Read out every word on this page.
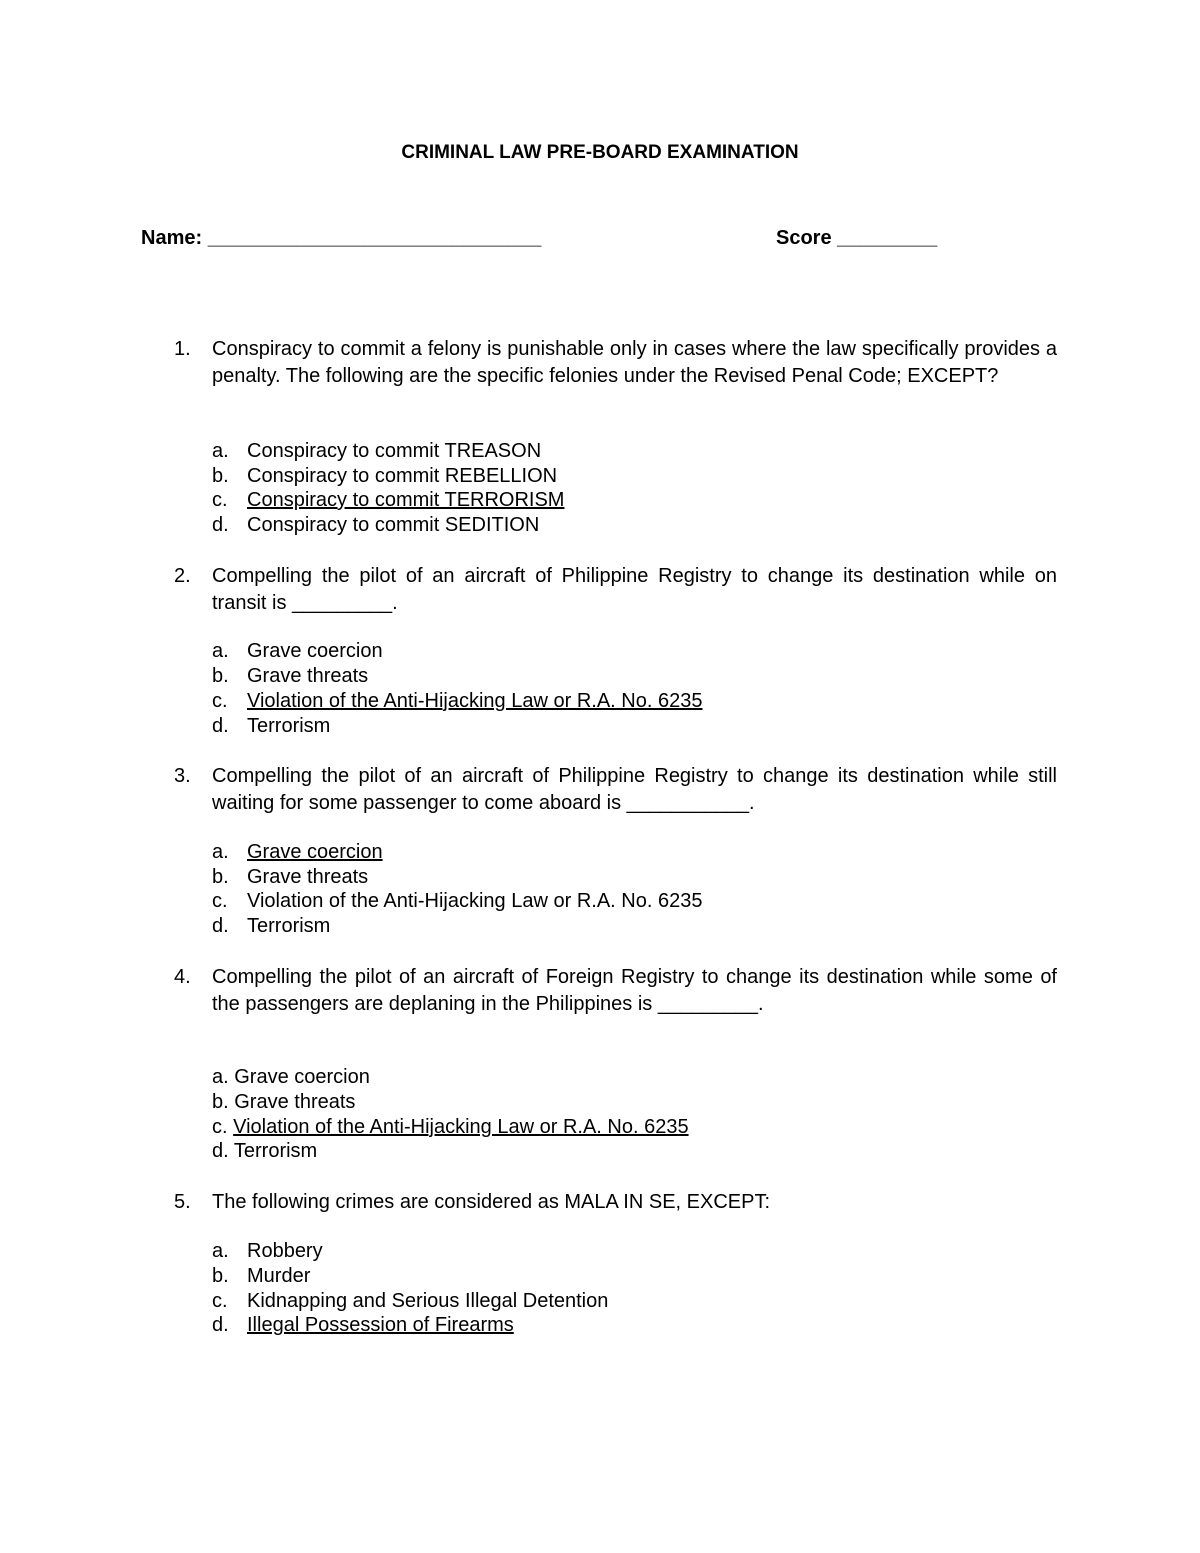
CRIMINAL LAW PRE-BOARD EXAMINATION
Name: ______________________________	Score _________
1. Conspiracy to commit a felony is punishable only in cases where the law specifically provides a penalty. The following are the specific felonies under the Revised Penal Code; EXCEPT?
a. Conspiracy to commit TREASON
b. Conspiracy to commit REBELLION
c. Conspiracy to commit TERRORISM
d. Conspiracy to commit SEDITION
2. Compelling the pilot of an aircraft of Philippine Registry to change its destination while on transit is _________.
a. Grave coercion
b. Grave threats
c. Violation of the Anti-Hijacking Law or R.A. No. 6235
d. Terrorism
3. Compelling the pilot of an aircraft of Philippine Registry to change its destination while still waiting for some passenger to come aboard is ___________.
a. Grave coercion
b. Grave threats
c. Violation of the Anti-Hijacking Law or R.A. No. 6235
d. Terrorism
4. Compelling the pilot of an aircraft of Foreign Registry to change its destination while some of the passengers are deplaning in the Philippines is _________.
a. Grave coercion
b. Grave threats
c. Violation of the Anti-Hijacking Law or R.A. No. 6235
d. Terrorism
5. The following crimes are considered as MALA IN SE, EXCEPT:
a. Robbery
b. Murder
c. Kidnapping and Serious Illegal Detention
d. Illegal Possession of Firearms
